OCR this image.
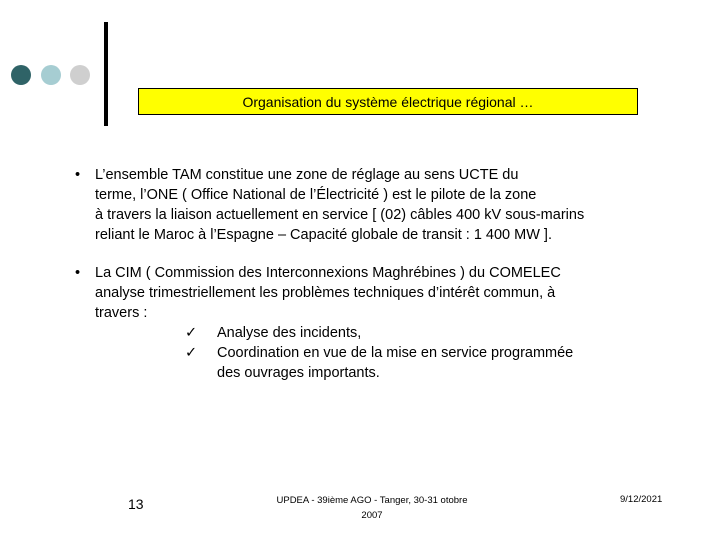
Organisation du système électrique régional …
•	L’ensemble TAM constitue une zone de réglage au sens UCTE du
terme, l’ONE ( Office National de l’Électricité ) est le pilote de la zone
à travers la liaison actuellement en service [ (02) câbles 400 kV sous-marins
reliant le Maroc à l’Espagne – Capacité globale de transit : 1 400 MW ].
•	La CIM ( Commission des Interconnexions Maghrébines ) du COMELEC
analyse trimestriellement les problèmes techniques d’intérêt commun, à
travers :
✓	Analyse des incidents,
✓	Coordination en vue de la mise en service programmée
des ouvrages importants.
13	UPDEA - 39ième AGO - Tanger, 30-31 otobre
2007
9/12/2021
